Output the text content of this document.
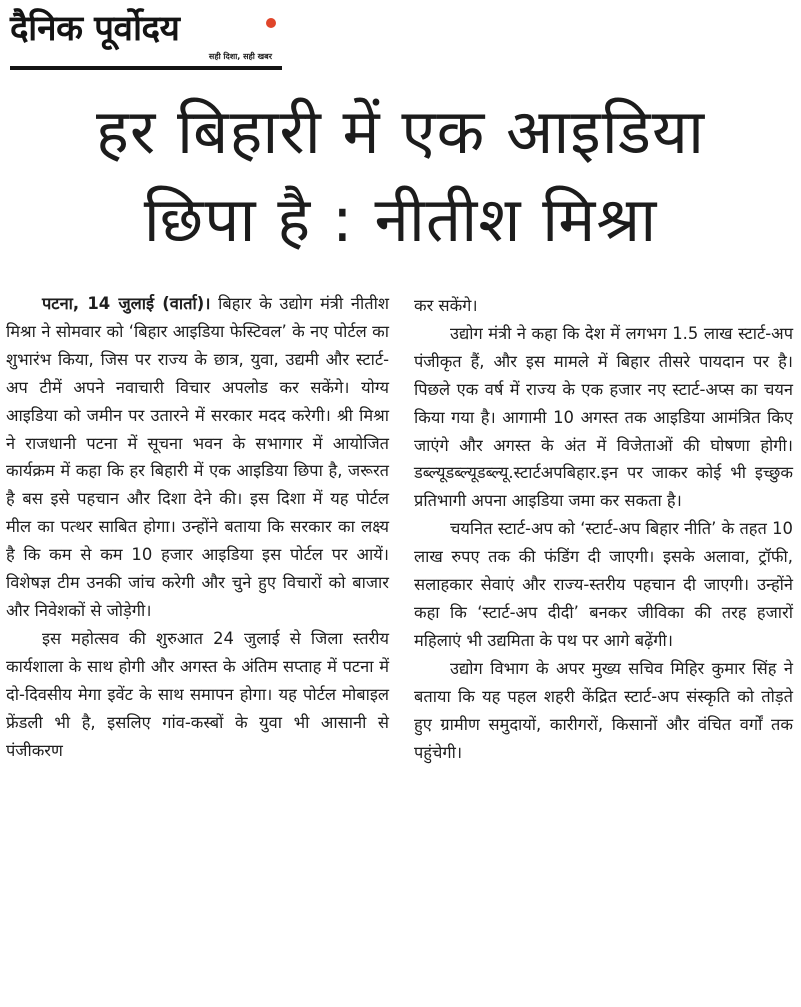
दैनिक पूर्वोदय
सही दिशा, सही खबर
हर बिहारी में एक आइडिया
छिपा है : नीतीश मिश्रा

पटना, 14 जुलाई (वार्ता)। बिहार के उद्योग मंत्री नीतीश मिश्रा ने सोमवार को ‘बिहार आइडिया फेस्टिवल’ के नए पोर्टल का शुभारंभ किया, जिस पर राज्य के छात्र, युवा, उद्यमी और स्टार्ट-अप टीमें अपने नवाचारी विचार अपलोड कर सकेंगे। योग्य आइडिया को जमीन पर उतारने में सरकार मदद करेगी। श्री मिश्रा ने राजधानी पटना में सूचना भवन के सभागार में आयोजित कार्यक्रम में कहा कि हर बिहारी में एक आइडिया छिपा है, जरूरत है बस इसे पहचान और दिशा देने की। इस दिशा में यह पोर्टल मील का पत्थर साबित होगा। उन्होंने बताया कि सरकार का लक्ष्य है कि कम से कम 10 हजार आइडिया इस पोर्टल पर आयें। विशेषज्ञ टीम उनकी जांच करेगी और चुने हुए विचारों को बाजार और निवेशकों से जोड़ेगी।

इस महोत्सव की शुरुआत 24 जुलाई से जिला स्तरीय कार्यशाला के साथ होगी और अगस्त के अंतिम सप्ताह में पटना में दो-दिवसीय मेगा इवेंट के साथ समापन होगा। यह पोर्टल मोबाइल फ्रेंडली भी है, इसलिए गांव-कस्बों के युवा भी आसानी से पंजीकरण

कर सकेंगे।

उद्योग मंत्री ने कहा कि देश में लगभग 1.5 लाख स्टार्ट-अप पंजीकृत हैं, और इस मामले में बिहार तीसरे पायदान पर है। पिछले एक वर्ष में राज्य के एक हजार नए स्टार्ट-अप्स का चयन किया गया है। आगामी 10 अगस्त तक आइडिया आमंत्रित किए जाएंगे और अगस्त के अंत में विजेताओं की घोषणा होगी। डब्ल्यूडब्ल्यूडब्ल्यू.स्टार्टअपबिहार.इन पर जाकर कोई भी इच्छुक प्रतिभागी अपना आइडिया जमा कर सकता है।

चयनित स्टार्ट-अप को ‘स्टार्ट-अप बिहार नीति’ के तहत 10 लाख रुपए तक की फंडिंग दी जाएगी। इसके अलावा, ट्रॉफी, सलाहकार सेवाएं और राज्य-स्तरीय पहचान दी जाएगी। उन्होंने कहा कि ‘स्टार्ट-अप दीदी’ बनकर जीविका की तरह हजारों महिलाएं भी उद्यमिता के पथ पर आगे बढ़ेंगी।

उद्योग विभाग के अपर मुख्य सचिव मिहिर कुमार सिंह ने बताया कि यह पहल शहरी केंद्रित स्टार्ट-अप संस्कृति को तोड़ते हुए ग्रामीण समुदायों, कारीगरों, किसानों और वंचित वर्गों तक पहुंचेगी।
